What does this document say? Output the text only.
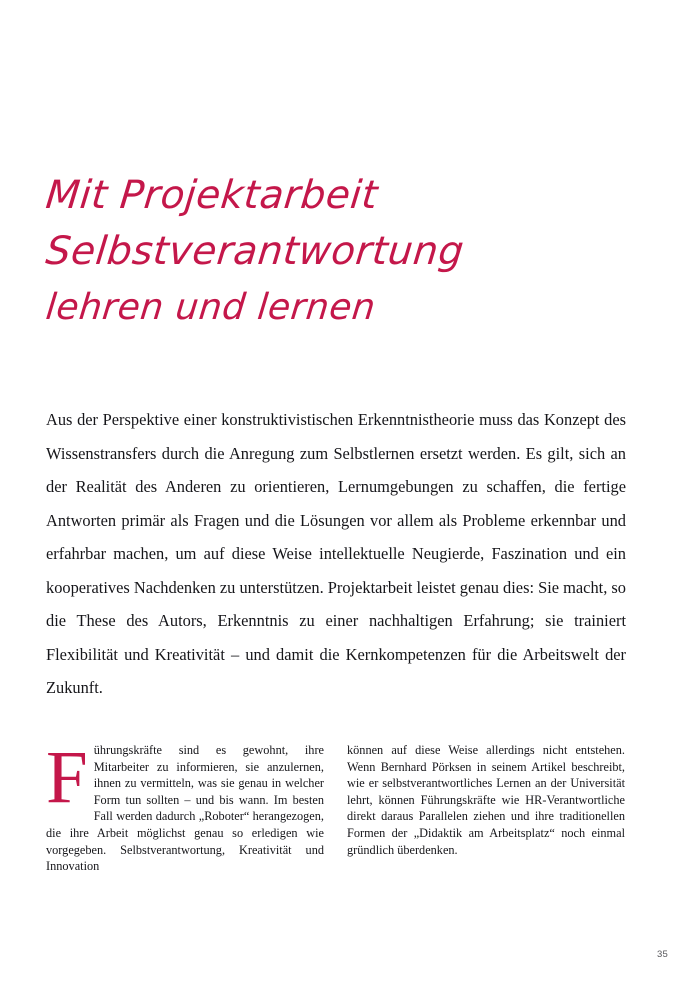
Mit Projektarbeit
Selbstverantwortung
lehren und lernen

Aus der Perspektive einer konstruktivistischen Erkenntnistheorie muss das Konzept des Wissenstransfers durch die Anregung zum Selbstlernen ersetzt werden. Es gilt, sich an der Realität des Anderen zu orientieren, Lernumgebungen zu schaffen, die fertige Antworten primär als Fragen und die Lösungen vor allem als Probleme erkennbar und erfahrbar machen, um auf diese Weise intellektuelle Neugierde, Faszination und ein kooperatives Nachdenken zu unterstützen. Projektarbeit leistet genau dies: Sie macht, so die These des Autors, Erkenntnis zu einer nachhaltigen Erfahrung; sie trainiert Flexibilität und Kreativität – und damit die Kernkompetenzen für die Arbeitswelt der Zukunft.

Führungskräfte sind es gewohnt, ihre Mitarbeiter zu informieren, sie anzulernen, ihnen zu vermitteln, was sie genau in welcher Form tun sollten – und bis wann. Im besten Fall werden dadurch „Roboter“ herangezogen, die ihre Arbeit möglichst genau so erledigen wie vorgegeben. Selbstverantwortung, Kreativität und Innovation
können auf diese Weise allerdings nicht entstehen. Wenn Bernhard Pörksen in seinem Artikel beschreibt, wie er selbstverantwortliches Lernen an der Universität lehrt, können Führungskräfte wie HR-Verantwortliche direkt daraus Parallelen ziehen und ihre traditionellen Formen der „Didaktik am Arbeitsplatz“ noch einmal gründlich überdenken.
35
